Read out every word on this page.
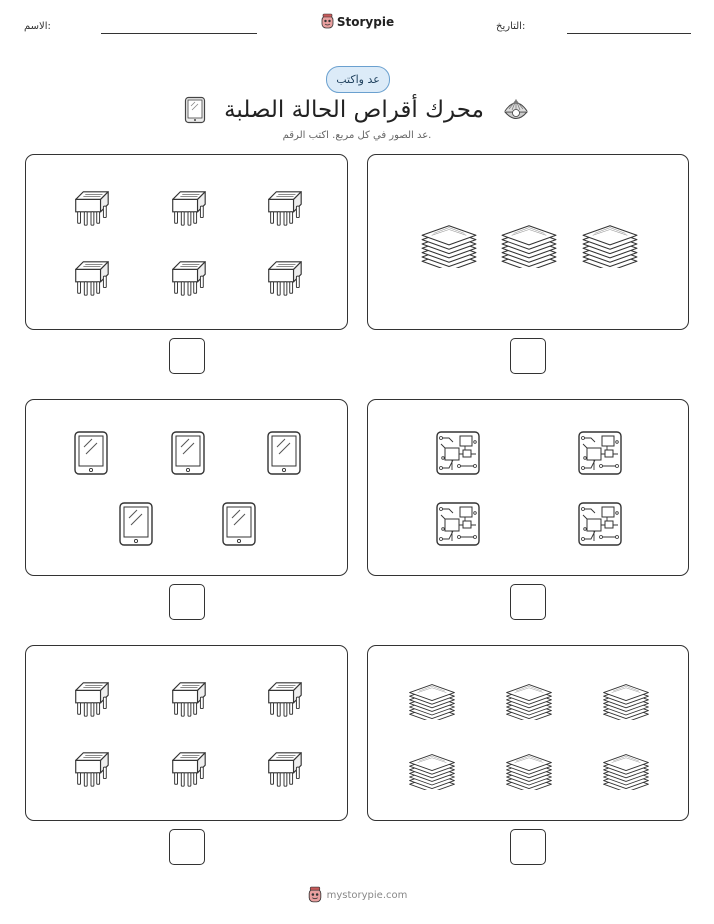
الاسم:	Storypie	التاريخ:
عد واكتب
محرك أقراص الحالة الصلبة
عد الصور في كل مربع. اكتب الرقم.
mystorypie.com
